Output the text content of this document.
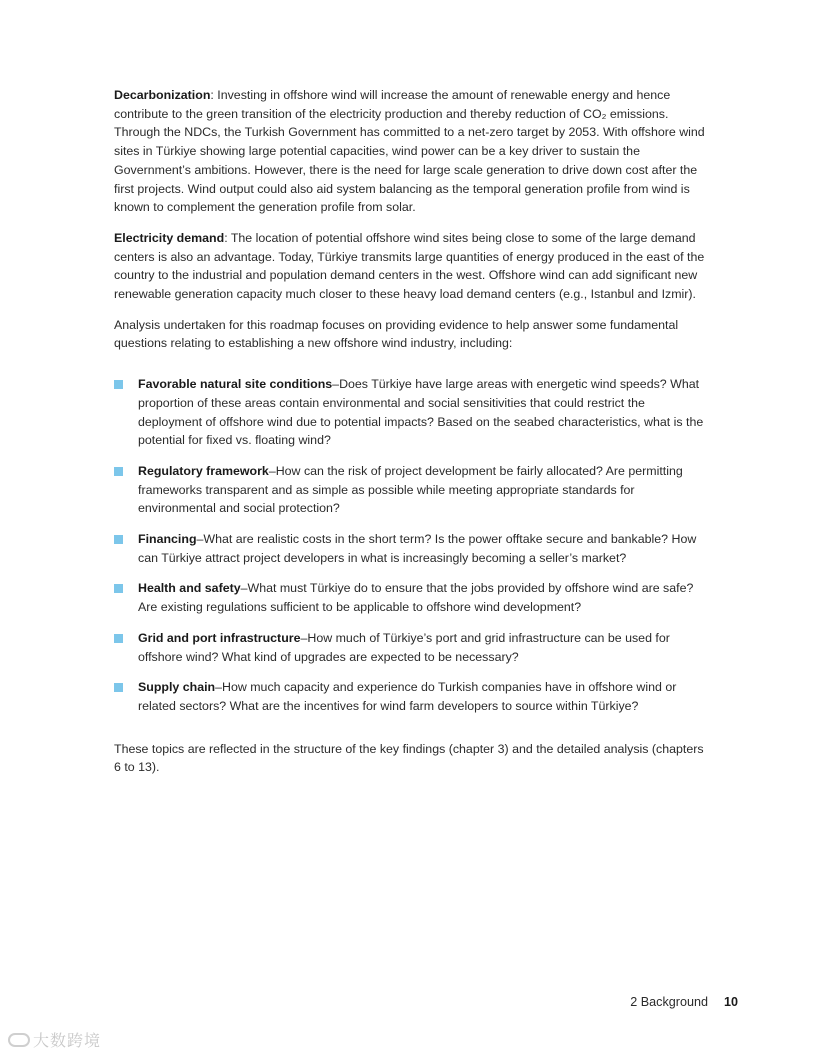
Decarbonization: Investing in offshore wind will increase the amount of renewable energy and hence contribute to the green transition of the electricity production and thereby reduction of CO₂ emissions. Through the NDCs, the Turkish Government has committed to a net-zero target by 2053. With offshore wind sites in Türkiye showing large potential capacities, wind power can be a key driver to sustain the Government’s ambitions. However, there is the need for large scale generation to drive down cost after the first projects. Wind output could also aid system balancing as the temporal generation profile from wind is known to complement the generation profile from solar.

Electricity demand: The location of potential offshore wind sites being close to some of the large demand centers is also an advantage. Today, Türkiye transmits large quantities of energy produced in the east of the country to the industrial and population demand centers in the west. Offshore wind can add significant new renewable generation capacity much closer to these heavy load demand centers (e.g., Istanbul and Izmir).

Analysis undertaken for this roadmap focuses on providing evidence to help answer some fundamental questions relating to establishing a new offshore wind industry, including:

Favorable natural site conditions–Does Türkiye have large areas with energetic wind speeds? What proportion of these areas contain environmental and social sensitivities that could restrict the deployment of offshore wind due to potential impacts? Based on the seabed characteristics, what is the potential for fixed vs. floating wind?
Regulatory framework–How can the risk of project development be fairly allocated? Are permitting frameworks transparent and as simple as possible while meeting appropriate standards for environmental and social protection?
Financing–What are realistic costs in the short term? Is the power offtake secure and bankable? How can Türkiye attract project developers in what is increasingly becoming a seller’s market?
Health and safety–What must Türkiye do to ensure that the jobs provided by offshore wind are safe? Are existing regulations sufficient to be applicable to offshore wind development?
Grid and port infrastructure–How much of Türkiye’s port and grid infrastructure can be used for offshore wind? What kind of upgrades are expected to be necessary?
Supply chain–How much capacity and experience do Turkish companies have in offshore wind or related sectors? What are the incentives for wind farm developers to source within Türkiye?

These topics are reflected in the structure of the key findings (chapter 3) and the detailed analysis (chapters 6 to 13).

2 Background 10
大数跨境
